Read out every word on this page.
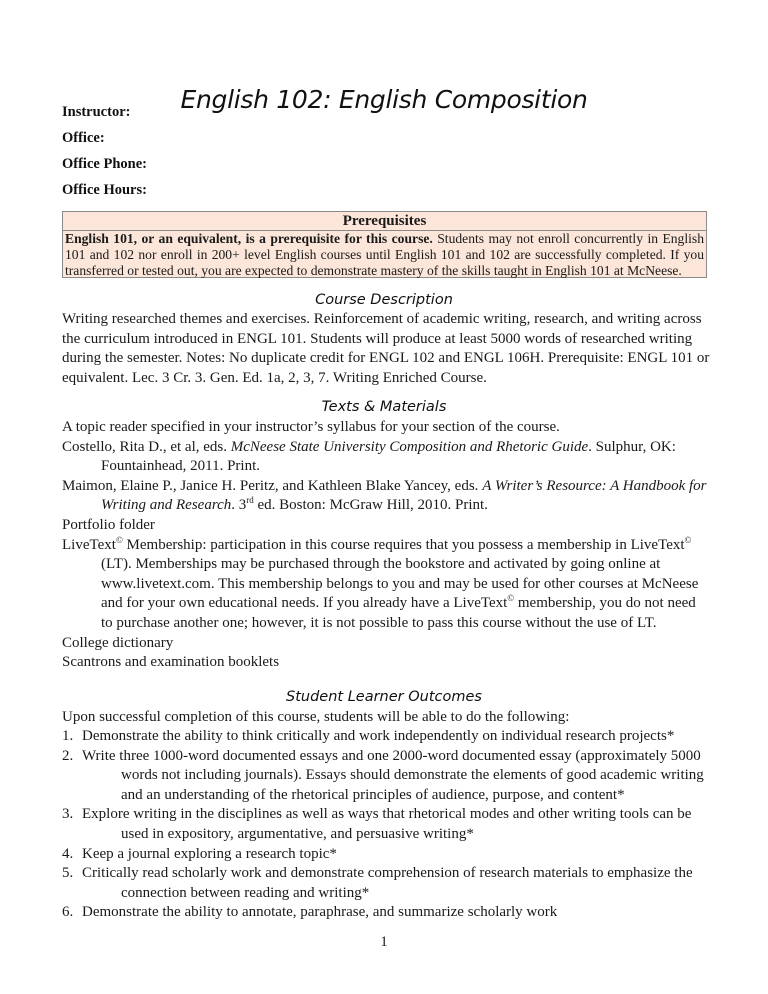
English 102: English Composition
Instructor:
Office:
Office Phone:
Office Hours:
Prerequisites
English 101, or an equivalent, is a prerequisite for this course. Students may not enroll concurrently in English 101 and 102 nor enroll in 200+ level English courses until English 101 and 102 are successfully completed. If you transferred or tested out, you are expected to demonstrate mastery of the skills taught in English 101 at McNeese.
Course Description
Writing researched themes and exercises. Reinforcement of academic writing, research, and writing across the curriculum introduced in ENGL 101. Students will produce at least 5000 words of researched writing during the semester. Notes: No duplicate credit for ENGL 102 and ENGL 106H. Prerequisite: ENGL 101 or equivalent. Lec. 3 Cr. 3. Gen. Ed. 1a, 2, 3, 7. Writing Enriched Course.
Texts & Materials
A topic reader specified in your instructor’s syllabus for your section of the course.
Costello, Rita D., et al, eds. McNeese State University Composition and Rhetoric Guide. Sulphur, OK: Fountainhead, 2011. Print.
Maimon, Elaine P., Janice H. Peritz, and Kathleen Blake Yancey, eds. A Writer’s Resource: A Handbook for Writing and Research. 3rd ed. Boston: McGraw Hill, 2010. Print.
Portfolio folder
LiveText© Membership: participation in this course requires that you possess a membership in LiveText© (LT). Memberships may be purchased through the bookstore and activated by going online at www.livetext.com. This membership belongs to you and may be used for other courses at McNeese and for your own educational needs. If you already have a LiveText© membership, you do not need to purchase another one; however, it is not possible to pass this course without the use of LT.
College dictionary
Scantrons and examination booklets
Student Learner Outcomes
Upon successful completion of this course, students will be able to do the following:
1. Demonstrate the ability to think critically and work independently on individual research projects*
2. Write three 1000-word documented essays and one 2000-word documented essay (approximately 5000 words not including journals). Essays should demonstrate the elements of good academic writing and an understanding of the rhetorical principles of audience, purpose, and content*
3. Explore writing in the disciplines as well as ways that rhetorical modes and other writing tools can be used in expository, argumentative, and persuasive writing*
4. Keep a journal exploring a research topic*
5. Critically read scholarly work and demonstrate comprehension of research materials to emphasize the connection between reading and writing*
6. Demonstrate the ability to annotate, paraphrase, and summarize scholarly work
1
